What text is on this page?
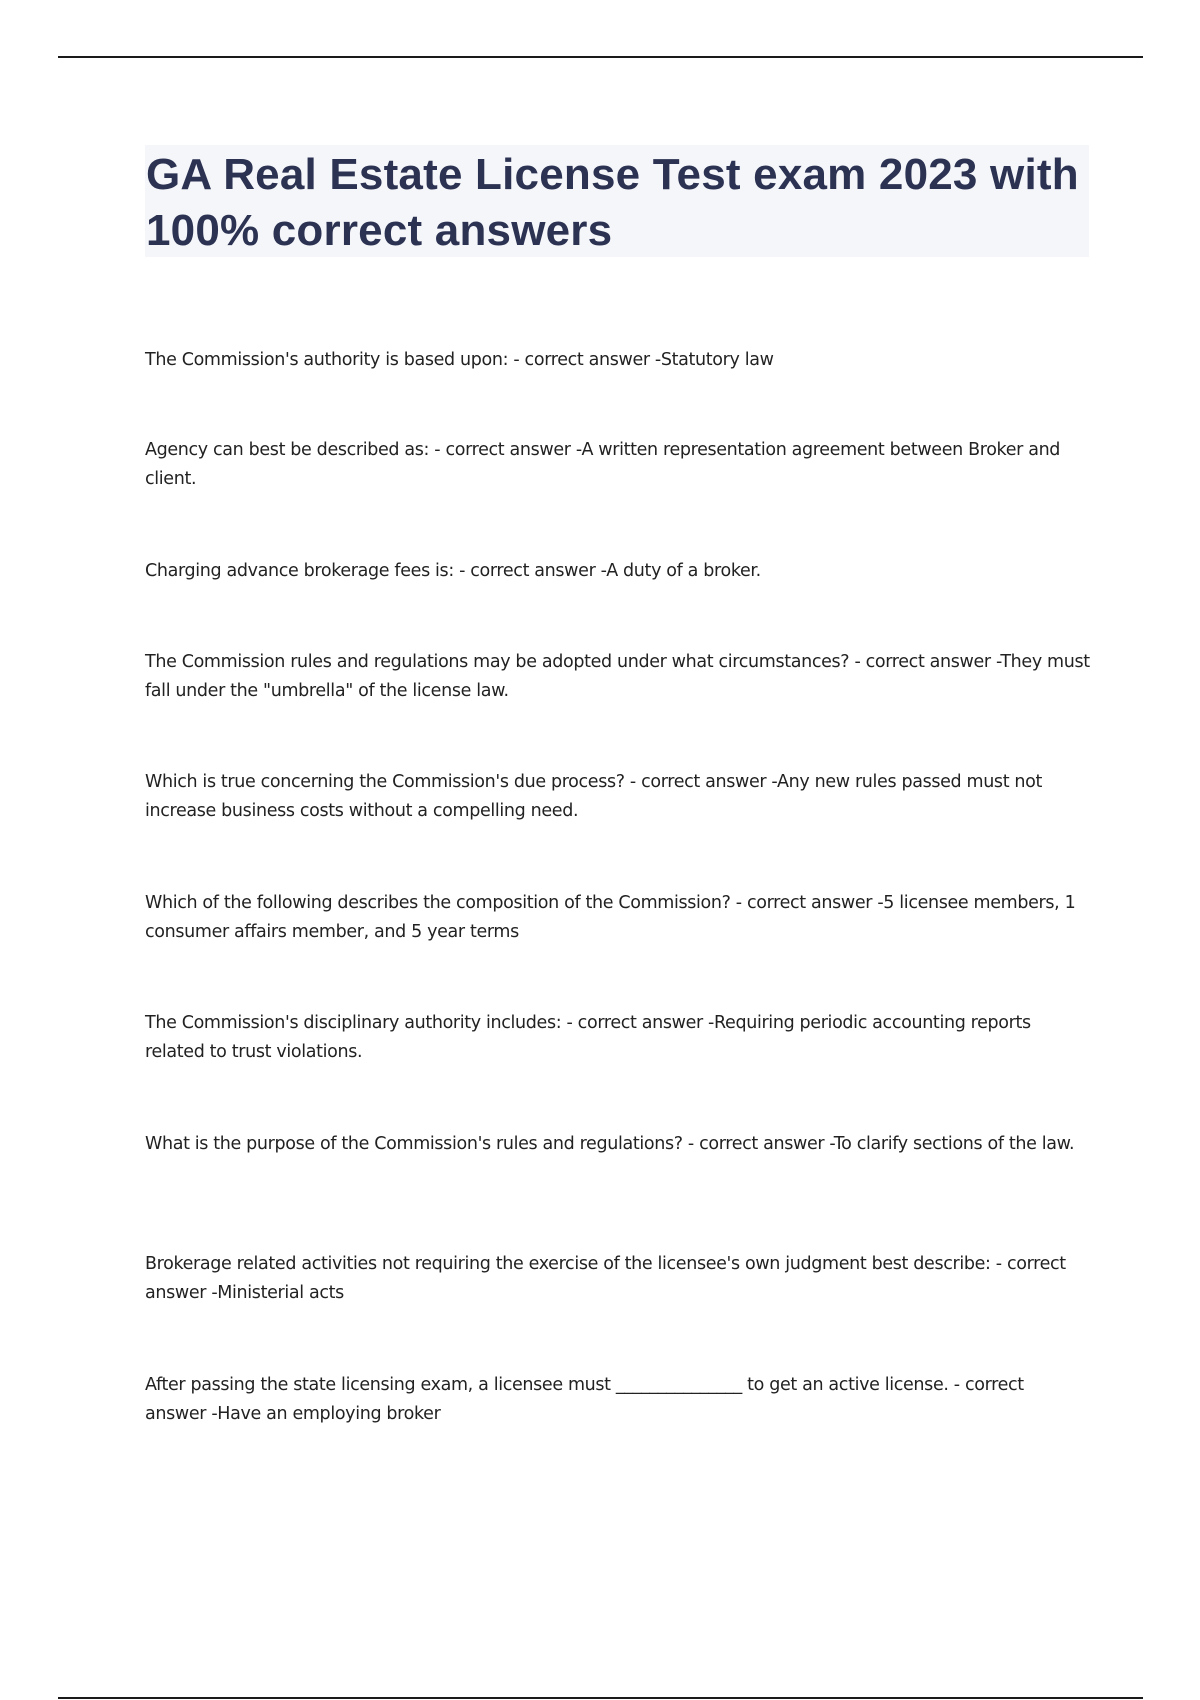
GA Real Estate License Test exam 2023 with 100% correct answers
The Commission's authority is based upon: - correct answer -Statutory law
Agency can best be described as: - correct answer -A written representation agreement between Broker and client.
Charging advance brokerage fees is: - correct answer -A duty of a broker.
The Commission rules and regulations may be adopted under what circumstances? - correct answer -They must fall under the "umbrella" of the license law.
Which is true concerning the Commission's due process? - correct answer -Any new rules passed must not increase business costs without a compelling need.
Which of the following describes the composition of the Commission? - correct answer -5 licensee members, 1 consumer affairs member, and 5 year terms
The Commission's disciplinary authority includes: - correct answer -Requiring periodic accounting reports related to trust violations.
What is the purpose of the Commission's rules and regulations? - correct answer -To clarify sections of the law.
Brokerage related activities not requiring the exercise of the licensee's own judgment best describe: - correct answer -Ministerial acts
After passing the state licensing exam, a licensee must _______________ to get an active license. - correct answer -Have an employing broker
